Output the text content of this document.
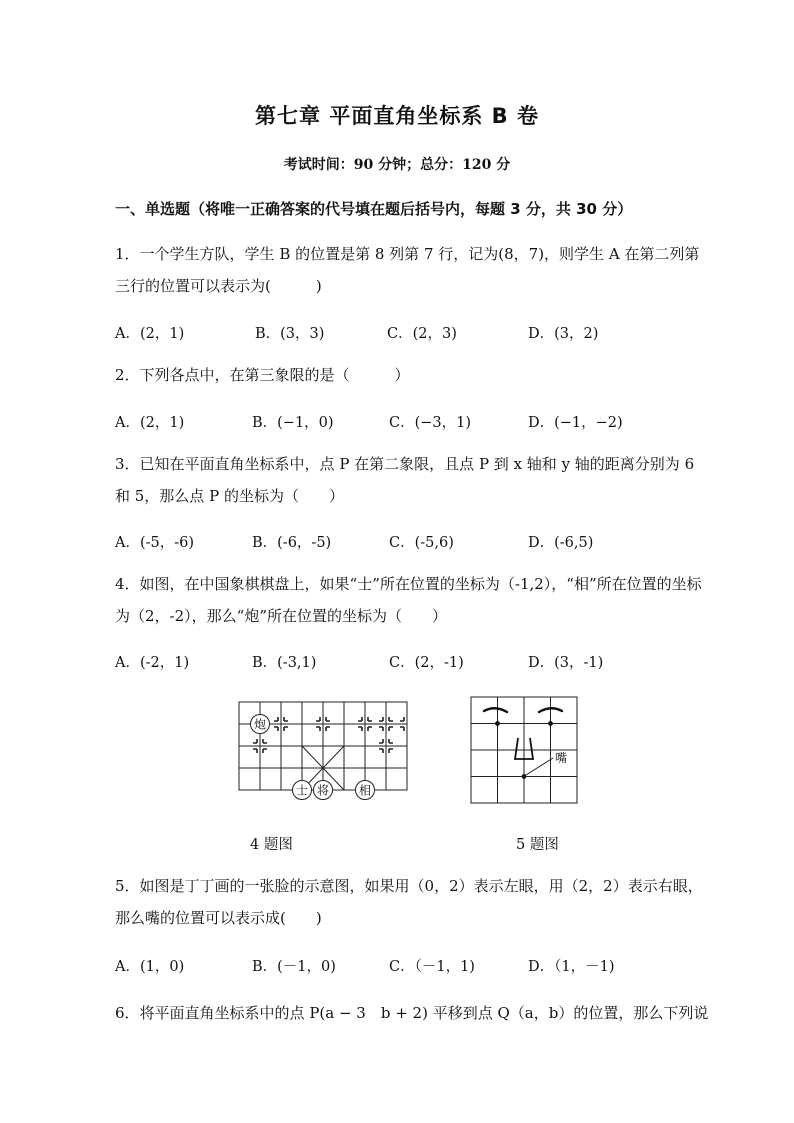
第七章 平面直角坐标系 B 卷
考试时间：90 分钟；总分：120 分
一、单选题（将唯一正确答案的代号填在题后括号内，每题 3 分，共 30 分）
1．一个学生方队，学生 B 的位置是第 8 列第 7 行，记为(8，7)，则学生 A 在第二列第三行的位置可以表示为(　　　)
A．(2，1)	B．(3，3)	C．(2，3)	D．(3，2)
2．下列各点中，在第三象限的是（　　　）
A．(2，1)	B．(−1，0)	C．(−3，1)	D．(−1，−2)
3．已知在平面直角坐标系中，点 P 在第二象限，且点 P 到 x 轴和 y 轴的距离分别为 6 和 5，那么点 P 的坐标为（　　）
A．(-5，-6)	B．(-6，-5)	C．(-5,6)	D．(-6,5)
4．如图，在中国象棋棋盘上，如果“士”所在位置的坐标为（-1,2），“相”所在位置的坐标为（2，-2），那么“炮”所在位置的坐标为（　　）
A．(-2，1)	B．(-3,1)	C．(2，-1)	D．(3，-1)
炮
士 将 相
嘴
4 题图	5 题图
5．如图是丁丁画的一张脸的示意图，如果用（0，2）表示左眼，用（2，2）表示右眼，那么嘴的位置可以表示成(　　)
A．(1，0)	B．(－1，0)	C．（－1，1)	D．（1，－1)
6．将平面直角坐标系中的点 P(a − 3　b + 2) 平移到点 Q（a，b）的位置，那么下列说
